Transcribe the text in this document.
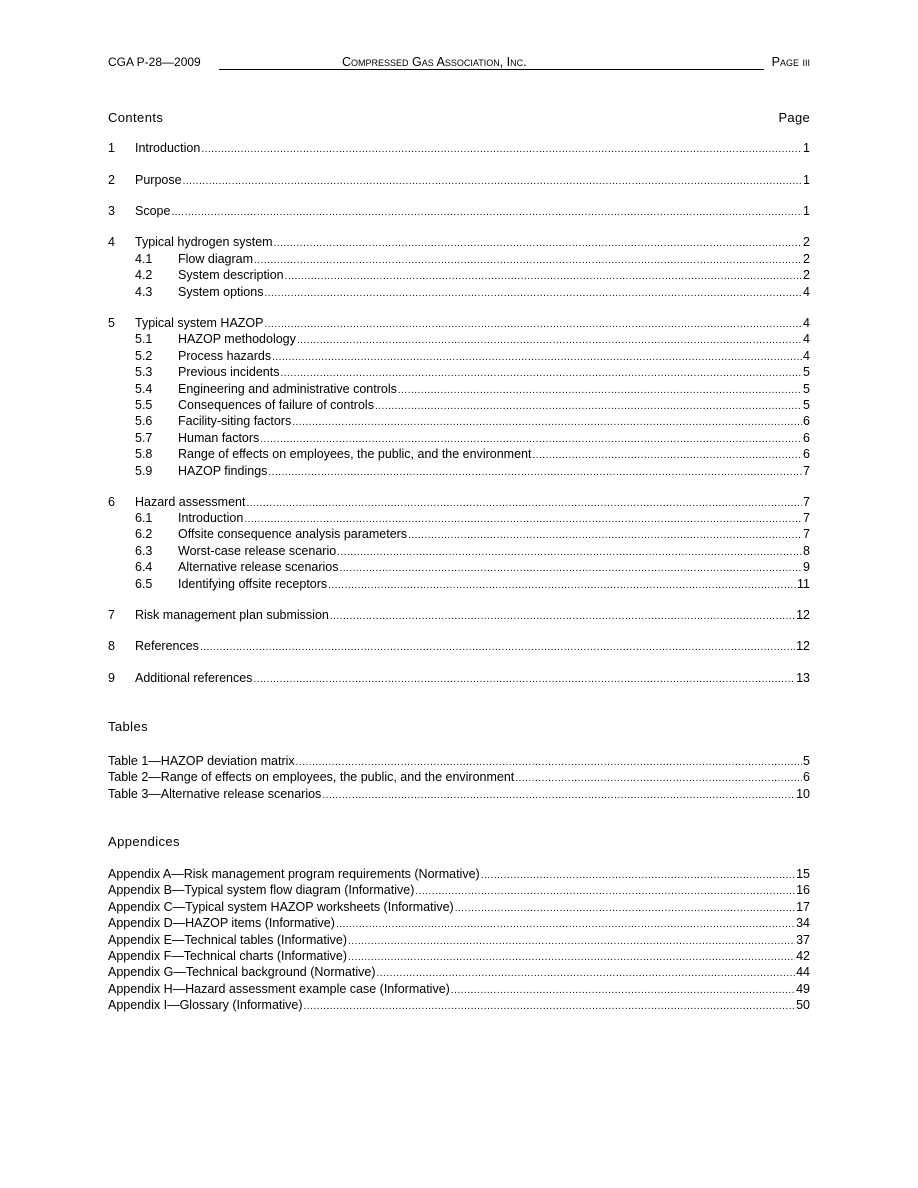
CGA P-28—2009	Compressed Gas Association, Inc.	Page iii
Contents	Page
1	Introduction .....	1
2	Purpose .....	1
3	Scope .....	1
4	Typical hydrogen system .....	2
4.1	Flow diagram .....	2
4.2	System description .....	2
4.3	System options .....	4
5	Typical system HAZOP .....	4
5.1	HAZOP methodology .....	4
5.2	Process hazards .....	4
5.3	Previous incidents .....	5
5.4	Engineering and administrative controls .....	5
5.5	Consequences of failure of controls .....	5
5.6	Facility-siting factors .....	6
5.7	Human factors .....	6
5.8	Range of effects on employees, the public, and the environment .....	6
5.9	HAZOP findings .....	7
6	Hazard assessment .....	7
6.1	Introduction .....	7
6.2	Offsite consequence analysis parameters .....	7
6.3	Worst-case release scenario .....	8
6.4	Alternative release scenarios .....	9
6.5	Identifying offsite receptors .....	11
7	Risk management plan submission .....	12
8	References .....	12
9	Additional references .....	13
Tables
Table 1—HAZOP deviation matrix .....	5
Table 2—Range of effects on employees, the public, and the environment .....	6
Table 3—Alternative release scenarios .....	10
Appendices
Appendix A—Risk management program requirements (Normative) .....	15
Appendix B—Typical system flow diagram (Informative) .....	16
Appendix C—Typical system HAZOP worksheets (Informative) .....	17
Appendix D—HAZOP items (Informative) .....	34
Appendix E—Technical tables (Informative) .....	37
Appendix F—Technical charts (Informative) .....	42
Appendix G—Technical background (Normative) .....	44
Appendix H—Hazard assessment example case (Informative) .....	49
Appendix I—Glossary (Informative) .....	50
